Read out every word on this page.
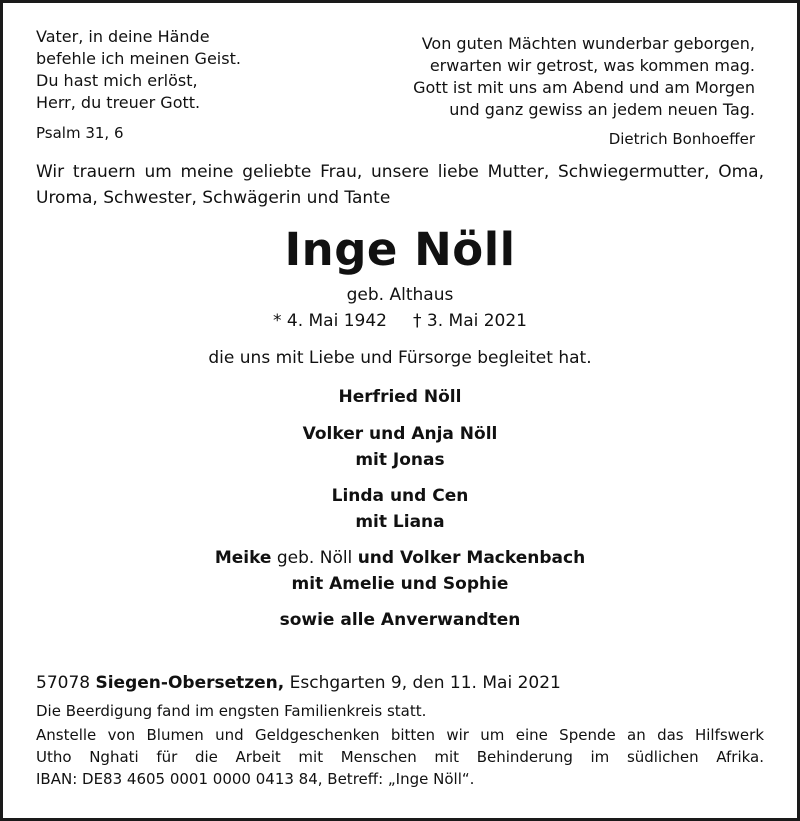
Vater, in deine Hände
befehle ich meinen Geist.
Du hast mich erlöst,
Herr, du treuer Gott.
Psalm 31, 6
Von guten Mächten wunderbar geborgen,
erwarten wir getrost, was kommen mag.
Gott ist mit uns am Abend und am Morgen
und ganz gewiss an jedem neuen Tag.
Dietrich Bonhoeffer
Wir trauern um meine geliebte Frau, unsere liebe Mutter, Schwiegermutter, Oma, Uroma, Schwester, Schwägerin und Tante
Inge Nöll
geb. Althaus
* 4. Mai 1942 † 3. Mai 2021
die uns mit Liebe und Fürsorge begleitet hat.
Herfried Nöll
Volker und Anja Nöll
mit Jonas
Linda und Cen
mit Liana
Meike geb. Nöll und Volker Mackenbach
mit Amelie und Sophie
sowie alle Anverwandten
57078 Siegen-Obersetzen, Eschgarten 9, den 11. Mai 2021
Die Beerdigung fand im engsten Familienkreis statt.
Anstelle von Blumen und Geldgeschenken bitten wir um eine Spende an das Hilfswerk
Utho Nghati für die Arbeit mit Menschen mit Behinderung im südlichen Afrika.
IBAN: DE83 4605 0001 0000 0413 84, Betreff: „Inge Nöll“.
